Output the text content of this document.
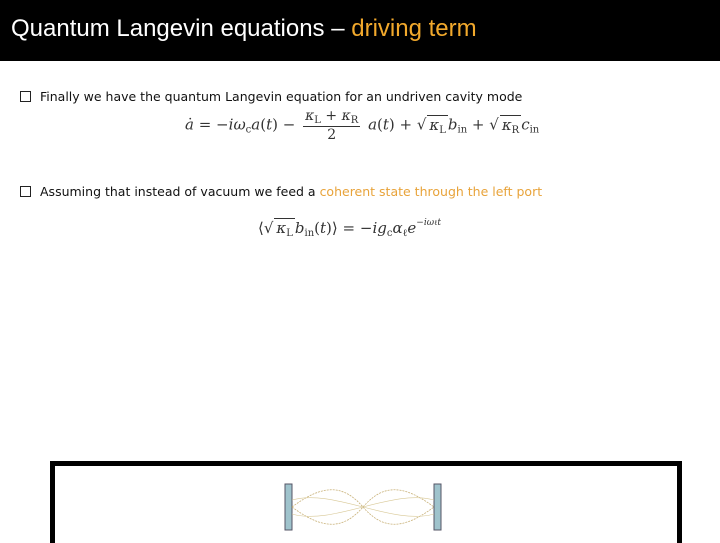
Quantum Langevin equations – driving term
Finally we have the quantum Langevin equation for an undriven cavity mode
ȧ = $-i\omega_ca(t) - \frac{\kappa_L + \kappa_R}{2} a(t)$ + √ $\kappa_L$ $b_{in}$ + √ $\kappa_R$ $c_{in}$
Assuming that instead of vacuum we feed a coherent state through the left port
⟨√ $\kappa_L$ $b_{in}(t)⟩ = -ig_c\alpha_\ell e^{-i\omega\ell t}$
